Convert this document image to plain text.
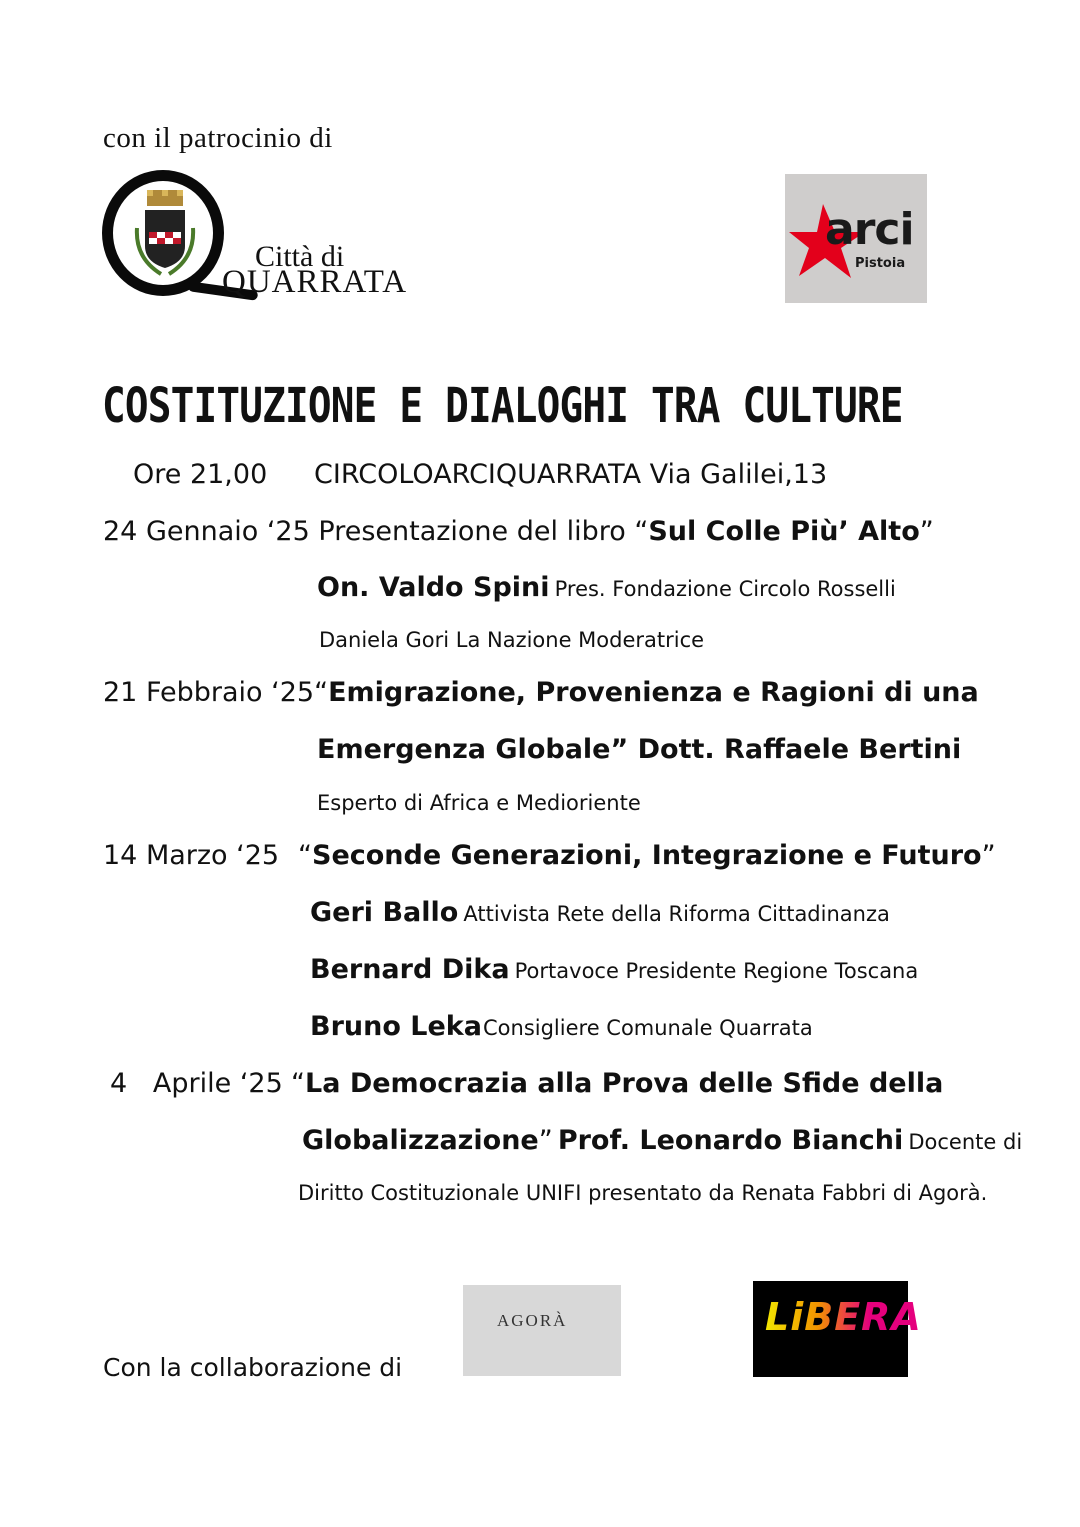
con il patrocinio di
Città di
QUARRATA
arci
Pistoia
COSTITUZIONE E DIALOGHI TRA CULTURE
Ore 21,00 CIRCOLOARCIQUARRATA Via Galilei,13
24 Gennaio ‘25 Presentazione del libro “Sul Colle Più’ Alto”
On. Valdo Spini Pres. Fondazione Circolo Rosselli
Daniela Gori La Nazione Moderatrice
21 Febbraio ‘25“Emigrazione, Provenienza e Ragioni di una
Emergenza Globale” Dott. Raffaele Bertini
Esperto di Africa e Medioriente
14 Marzo ‘25 “Seconde Generazioni, Integrazione e Futuro”
Geri Ballo Attivista Rete della Riforma Cittadinanza
Bernard Dika Portavoce Presidente Regione Toscana
Bruno Leka Consigliere Comunale Quarrata
4   Aprile ‘25 “La Democrazia alla Prova delle Sfide della
Globalizzazione” Prof. Leonardo Bianchi Docente di
Diritto Costituzionale UNIFI presentato da Renata Fabbri di Agorà.
Con la collaborazione di
AGORÀ	LiBERA
